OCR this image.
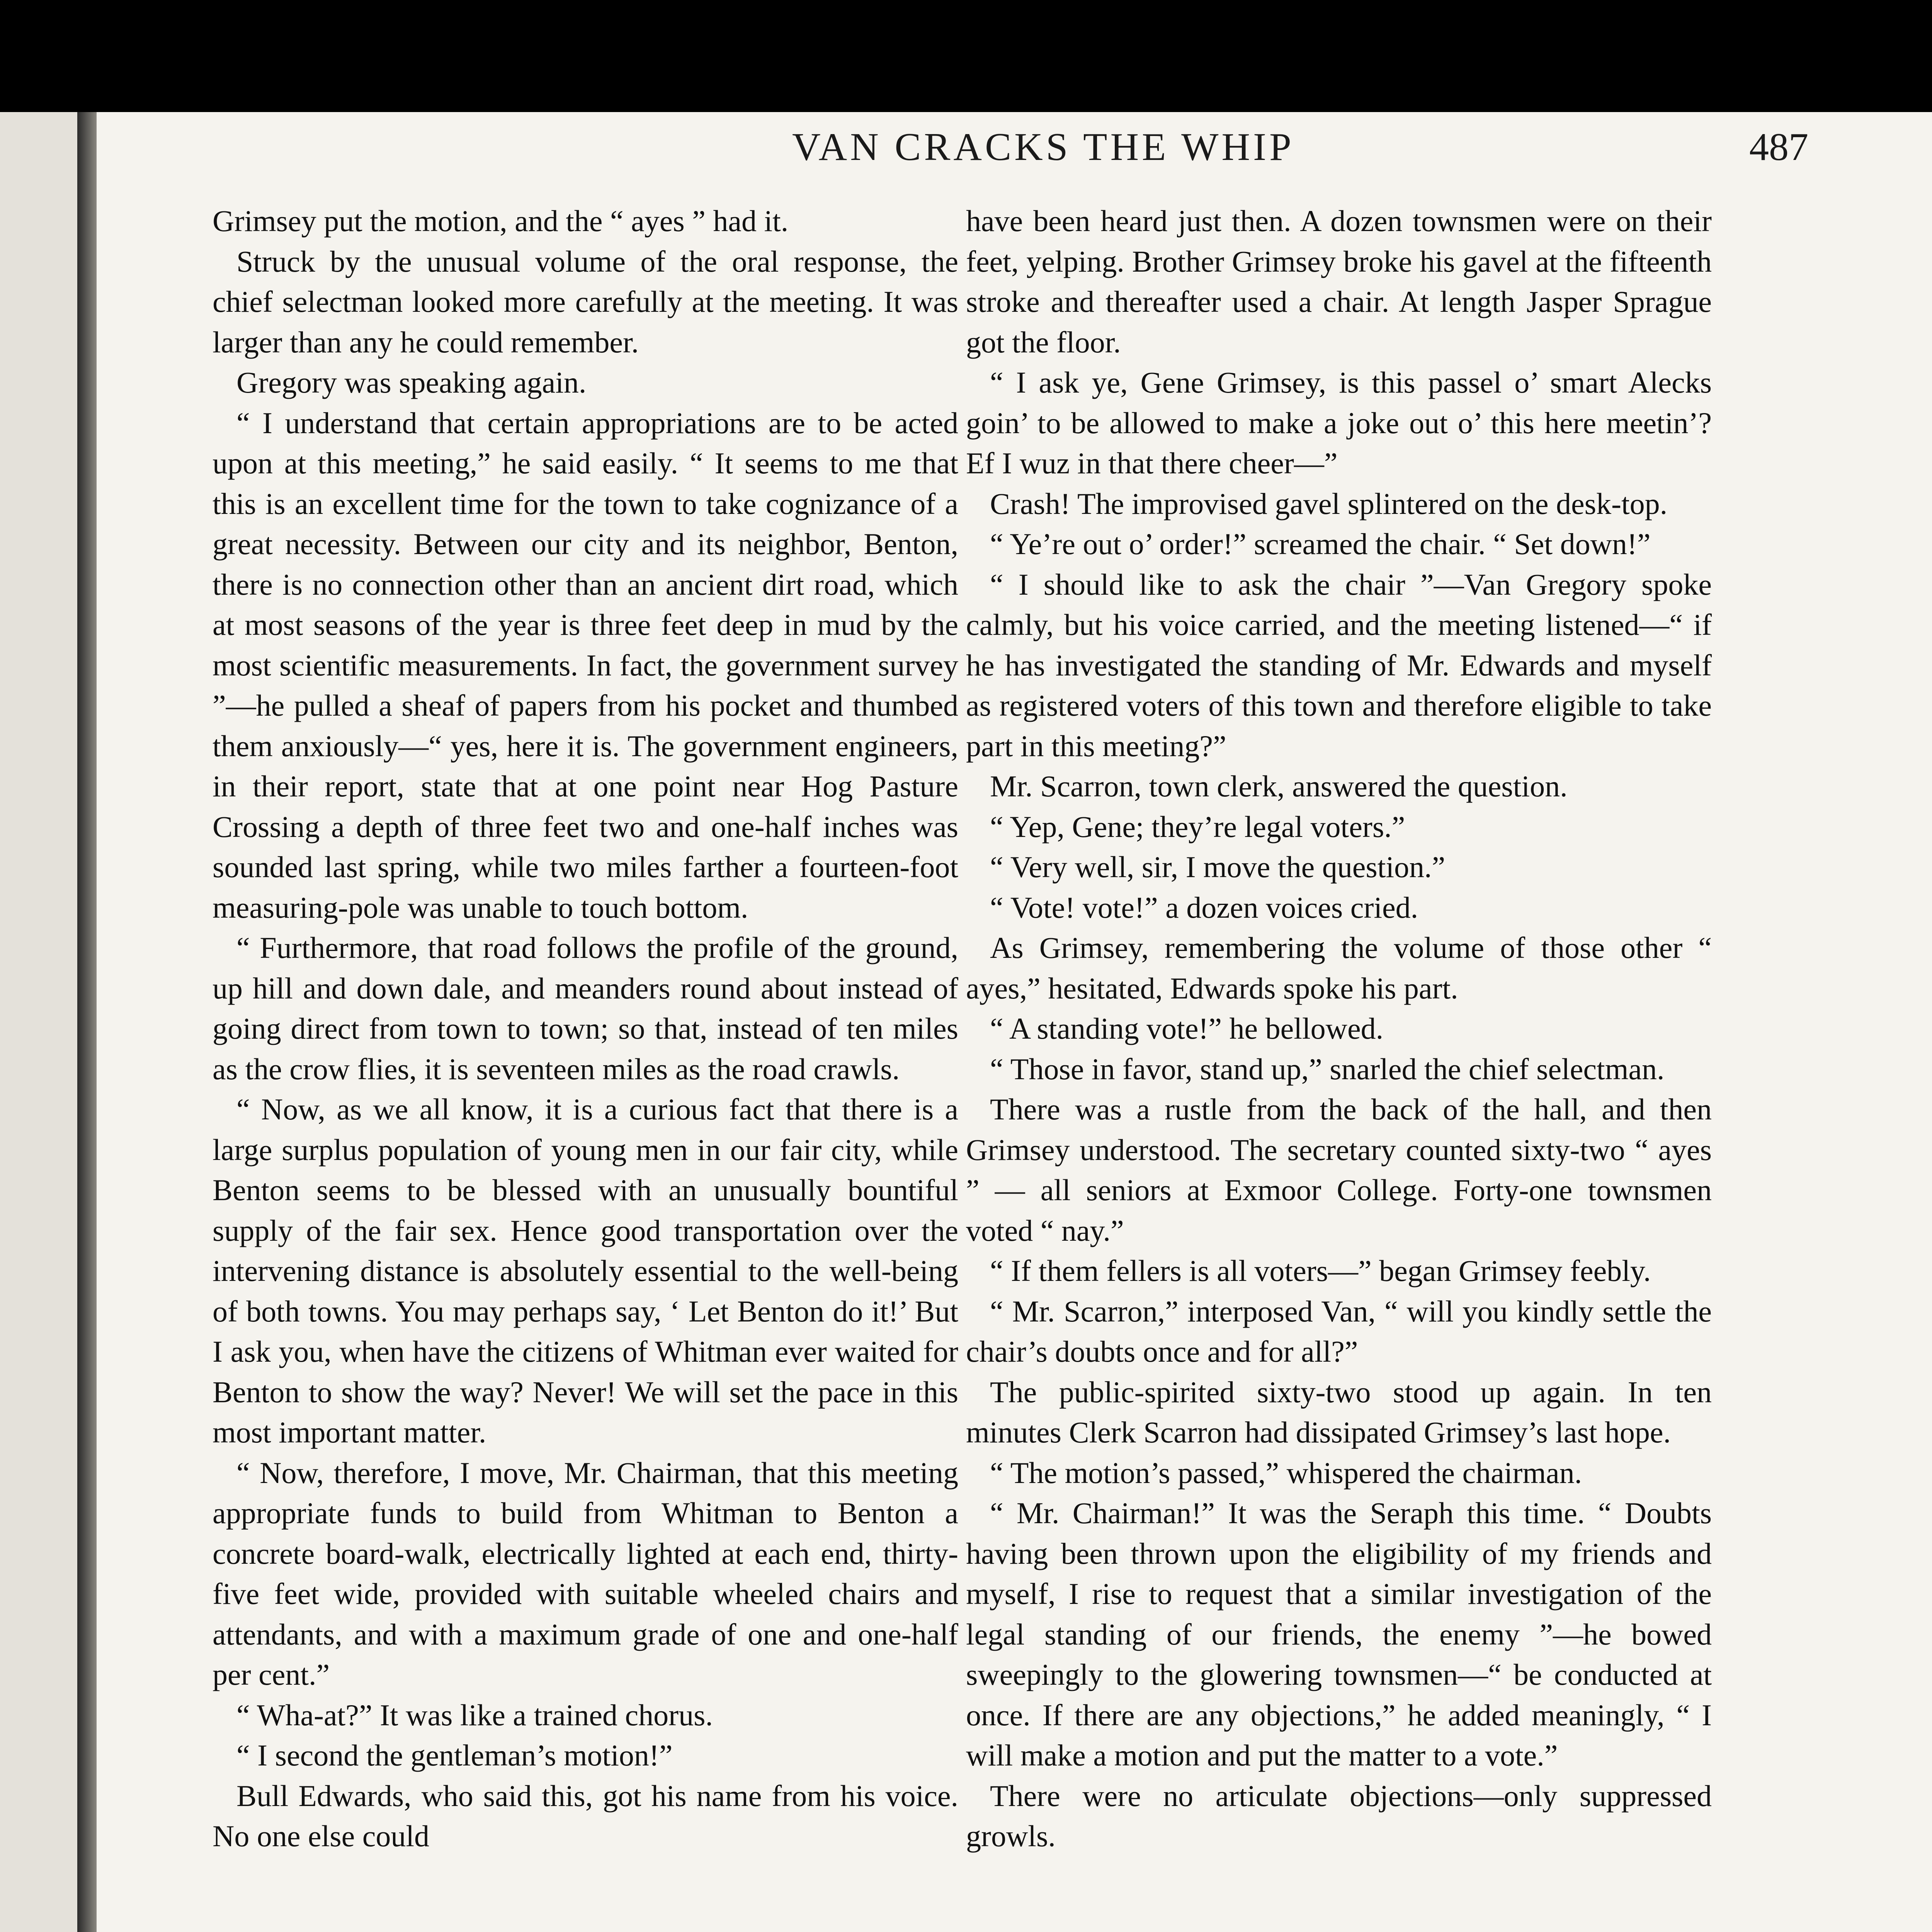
VAN CRACKS THE WHIP	487

Grimsey put the motion, and the “ ayes ” had it.

Struck by the unusual volume of the oral response, the chief selectman looked more carefully at the meeting. It was larger than any he could remember.

Gregory was speaking again.

“ I understand that certain appropriations are to be acted upon at this meeting,” he said easily. “ It seems to me that this is an excellent time for the town to take cognizance of a great necessity. Between our city and its neighbor, Benton, there is no connection other than an ancient dirt road, which at most seasons of the year is three feet deep in mud by the most scientific measurements. In fact, the government survey ”—he pulled a sheaf of papers from his pocket and thumbed them anxiously—“ yes, here it is. The government engineers, in their report, state that at one point near Hog Pasture Crossing a depth of three feet two and one-half inches was sounded last spring, while two miles farther a fourteen-foot measuring-pole was unable to touch bottom.

“ Furthermore, that road follows the profile of the ground, up hill and down dale, and meanders round about instead of going direct from town to town; so that, instead of ten miles as the crow flies, it is seventeen miles as the road crawls.

“ Now, as we all know, it is a curious fact that there is a large surplus population of young men in our fair city, while Benton seems to be blessed with an unusually bountiful supply of the fair sex. Hence good transportation over the intervening distance is absolutely essential to the well-being of both towns. You may perhaps say, ‘ Let Benton do it!’ But I ask you, when have the citizens of Whitman ever waited for Benton to show the way? Never! We will set the pace in this most important matter.

“ Now, therefore, I move, Mr. Chairman, that this meeting appropriate funds to build from Whitman to Benton a concrete board-walk, electrically lighted at each end, thirty-five feet wide, provided with suitable wheeled chairs and attendants, and with a maximum grade of one and one-half per cent.”

“ Wha-at?” It was like a trained chorus.

“ I second the gentleman’s motion!”

Bull Edwards, who said this, got his name from his voice. No one else could

have been heard just then. A dozen townsmen were on their feet, yelping. Brother Grimsey broke his gavel at the fifteenth stroke and thereafter used a chair. At length Jasper Sprague got the floor.

“ I ask ye, Gene Grimsey, is this passel o’ smart Alecks goin’ to be allowed to make a joke out o’ this here meetin’? Ef I wuz in that there cheer—”

Crash! The improvised gavel splintered on the desk-top.

“ Ye’re out o’ order!” screamed the chair. “ Set down!”

“ I should like to ask the chair ”—Van Gregory spoke calmly, but his voice carried, and the meeting listened—“ if he has investigated the standing of Mr. Edwards and myself as registered voters of this town and therefore eligible to take part in this meeting?”

Mr. Scarron, town clerk, answered the question.

“ Yep, Gene; they’re legal voters.”

“ Very well, sir, I move the question.”

“ Vote! vote!” a dozen voices cried.

As Grimsey, remembering the volume of those other “ ayes,” hesitated, Edwards spoke his part.

“ A standing vote!” he bellowed.

“ Those in favor, stand up,” snarled the chief selectman.

There was a rustle from the back of the hall, and then Grimsey understood. The secretary counted sixty-two “ ayes ” — all seniors at Exmoor College. Forty-one townsmen voted “ nay.”

“ If them fellers is all voters—” began Grimsey feebly.

“ Mr. Scarron,” interposed Van, “ will you kindly settle the chair’s doubts once and for all?”

The public-spirited sixty-two stood up again. In ten minutes Clerk Scarron had dissipated Grimsey’s last hope.

“ The motion’s passed,” whispered the chairman.

“ Mr. Chairman!” It was the Seraph this time. “ Doubts having been thrown upon the eligibility of my friends and myself, I rise to request that a similar investigation of the legal standing of our friends, the enemy ”—he bowed sweepingly to the glowering townsmen—“ be conducted at once. If there are any objections,” he added meaningly, “ I will make a motion and put the matter to a vote.”

There were no articulate objections—only suppressed growls.
